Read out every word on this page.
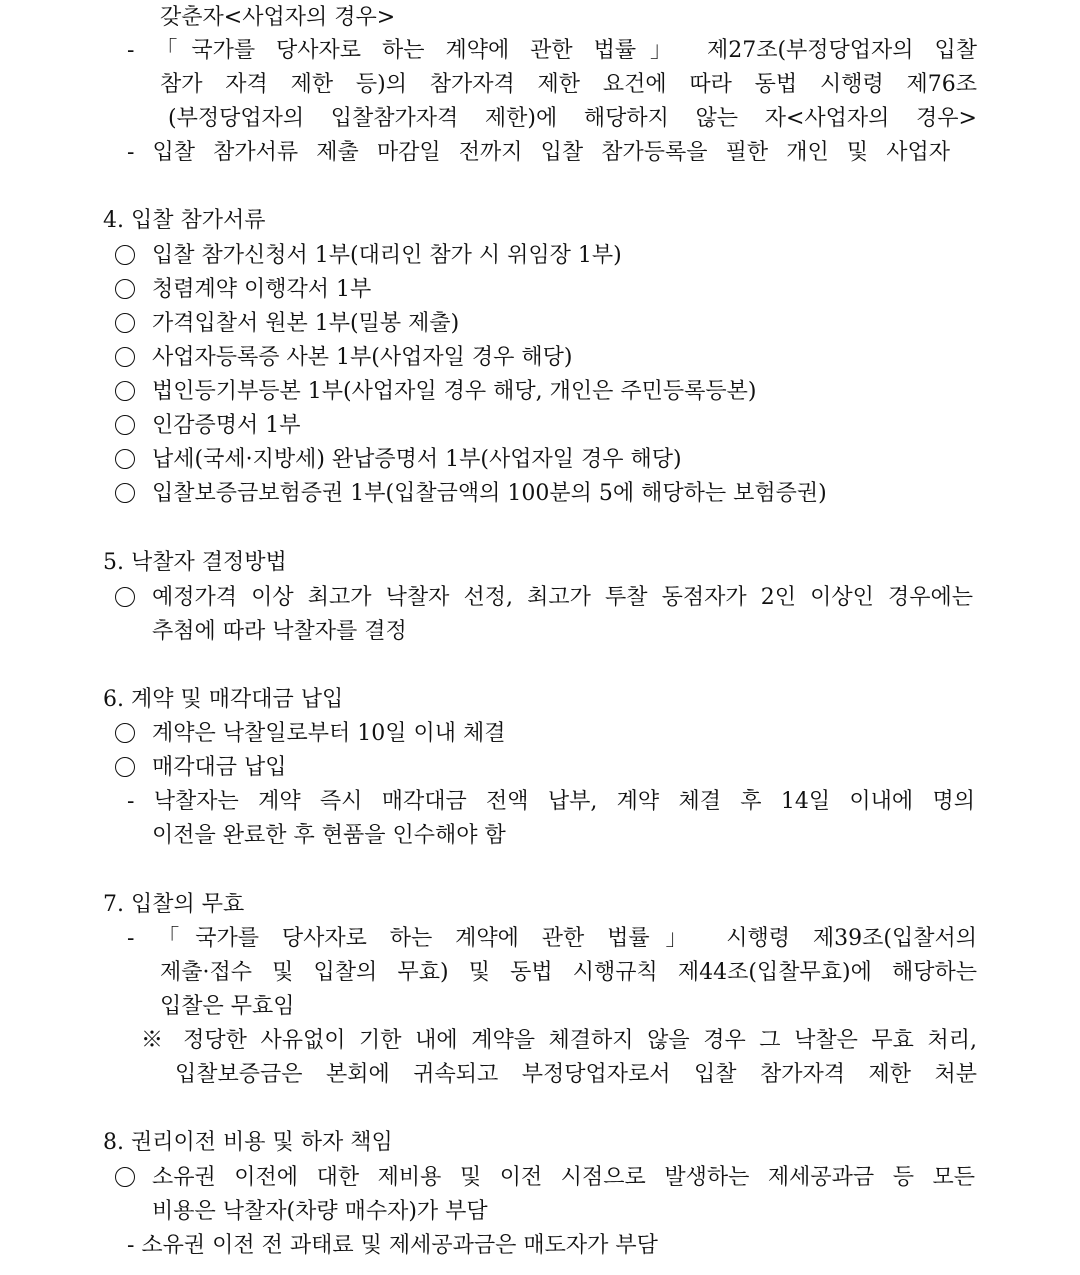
갖춘자<사업자의 경우>
- 「국가를 당사자로 하는 계약에 관한 법률」 제27조(부정당업자의 입찰
참가 자격 제한 등)의 참가자격 제한 요건에 따라 동법 시행령 제76조
(부정당업자의 입찰참가자격 제한)에 해당하지 않는 자<사업자의 경우>
- 입찰 참가서류 제출 마감일 전까지 입찰 참가등록을 필한 개인 및 사업자
4. 입찰 참가서류
입찰 참가신청서 1부(대리인 참가 시 위임장 1부)
청렴계약 이행각서 1부
가격입찰서 원본 1부(밀봉 제출)
사업자등록증 사본 1부(사업자일 경우 해당)
법인등기부등본 1부(사업자일 경우 해당, 개인은 주민등록등본)
인감증명서 1부
납세(국세·지방세) 완납증명서 1부(사업자일 경우 해당)
입찰보증금보험증권 1부(입찰금액의 100분의 5에 해당하는 보험증권)
5. 낙찰자 결정방법
예정가격 이상 최고가 낙찰자 선정, 최고가 투찰 동점자가 2인 이상인 경우에는
추첨에 따라 낙찰자를 결정
6. 계약 및 매각대금 납입
계약은 낙찰일로부터 10일 이내 체결
매각대금 납입
- 낙찰자는 계약 즉시 매각대금 전액 납부, 계약 체결 후 14일 이내에 명의
이전을 완료한 후 현품을 인수해야 함
7. 입찰의 무효
- 「국가를 당사자로 하는 계약에 관한 법률」 시행령 제39조(입찰서의
제출·접수 및 입찰의 무효) 및 동법 시행규칙 제44조(입찰무효)에 해당하는
입찰은 무효임
※ 정당한 사유없이 기한 내에 계약을 체결하지 않을 경우 그 낙찰은 무효 처리,
입찰보증금은 본회에 귀속되고 부정당업자로서 입찰 참가자격 제한 처분
8. 권리이전 비용 및 하자 책임
소유권 이전에 대한 제비용 및 이전 시점으로 발생하는 제세공과금 등 모든
비용은 낙찰자(차량 매수자)가 부담
- 소유권 이전 전 과태료 및 제세공과금은 매도자가 부담
